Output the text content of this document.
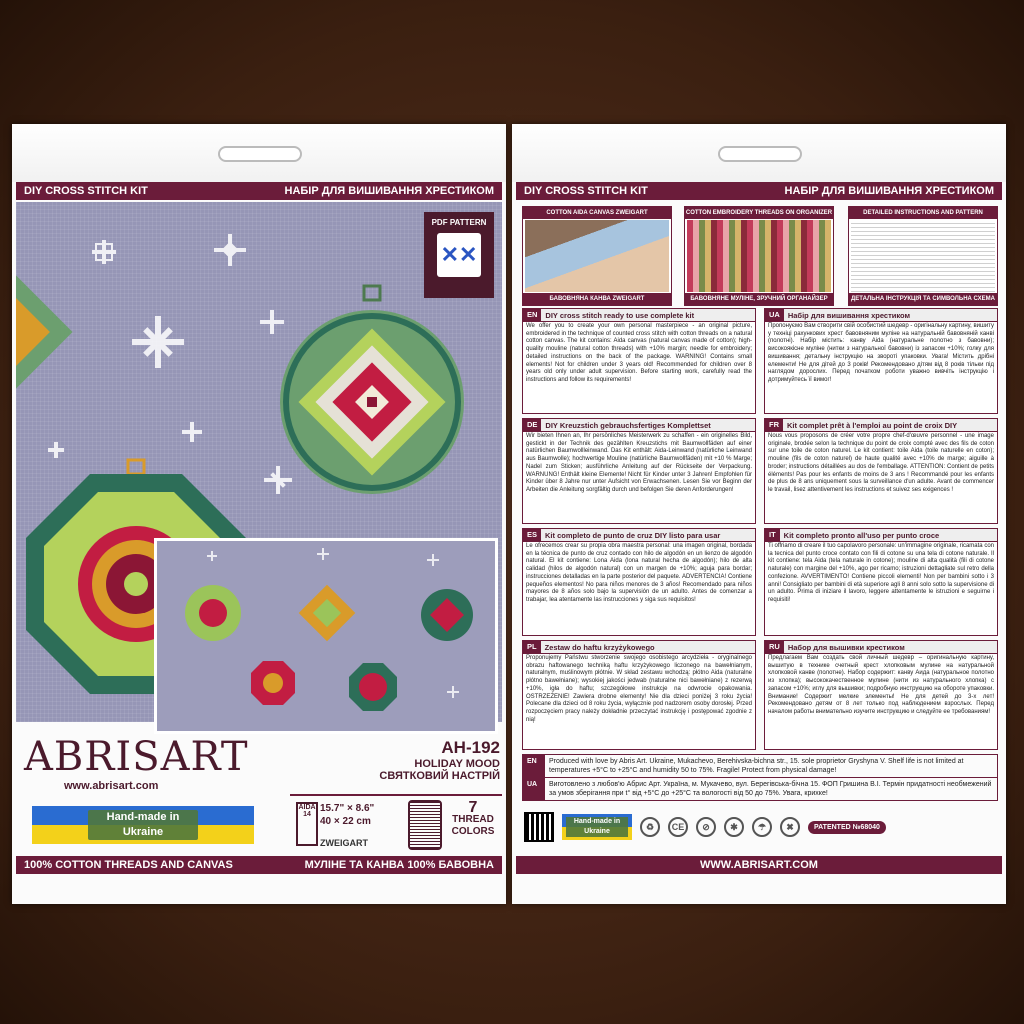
DIY CROSS STITCH KIT	НАБІР ДЛЯ ВИШИВАННЯ ХРЕСТИКОМ
PDF PATTERN
✕✕
ABRISART
www.abrisart.com
Hand-made in Ukraine
AH-192
HOLIDAY MOOD
СВЯТКОВИЙ НАСТРІЙ
AIDA 14
15.7" × 8.6"
40 × 22 cm
ZWEIGART
7
THREAD COLORS
100% COTTON THREADS AND CANVAS	МУЛІНЕ ТА КАНВА 100% БАВОВНА
DIY CROSS STITCH KIT	НАБІР ДЛЯ ВИШИВАННЯ ХРЕСТИКОМ
COTTON AIDA CANVAS ZWEIGART
БАВОВНЯНА КАНВА ZWEIGART
COTTON EMBROIDERY THREADS ON ORGANIZER
БАВОВНЯНЕ МУЛІНЕ, ЗРУЧНИЙ ОРГАНАЙЗЕР
DETAILED INSTRUCTIONS AND PATTERN
ДЕТАЛЬНА ІНСТРУКЦІЯ ТА СИМВОЛЬНА СХЕМА
EN	DIY cross stitch ready to use complete kit
We offer you to create your own personal masterpiece - an original picture, embroidered in the technique of counted cross stitch with cotton threads on a natural cotton canvas. The kit contains: Aida canvas (natural canvas made of cotton); high-quality mouline (natural cotton threads) with +10% margin; needle for embroidery; detailed instructions on the back of the package. WARNING! Contains small elements! Not for children under 3 years old! Recommended for children over 8 years old only under adult supervision. Before starting work, carefully read the instructions and follow its requirements!
UA	Набір для вишивання хрестиком
Пропонуємо Вам створити свій особистий шедевр - оригінальну картину, вишиту у техніці рахункових хрест бавовняним мулiне на натуральній бавовняній канві (полотні). Набір містить: канву Aida (натуральне полотно з бавовни); високоякісне муліне (нитки з натуральної бавовни) із запасом +10%; голку для вишивання; детальну інструкцію на звороті упаковки. Увага! Містить дрібні елементи! Не для дітей до 3 років! Рекомендовано дітям від 8 років тільки під наглядом дорослих. Перед початком роботи уважно вивчіть інструкцію і дотримуйтесь її вимог!
DE	DIY Kreuzstich gebrauchsfertiges Komplettset
Wir bieten Ihnen an, Ihr persönliches Meisterwerk zu schaffen - ein originelles Bild, gestickt in der Technik des gezählten Kreuzstichs mit Baumwollfäden auf einer natürlichen Baumwollleinwand. Das Kit enthält: Aida-Leinwand (natürliche Leinwand aus Baumwolle); hochwertige Mouline (natürliche Baumwollfäden) mit +10 % Marge; Nadel zum Sticken; ausführliche Anleitung auf der Rückseite der Verpackung. WARNUNG! Enthält kleine Elemente! Nicht für Kinder unter 3 Jahren! Empfohlen für Kinder über 8 Jahre nur unter Aufsicht von Erwachsenen. Lesen Sie vor Beginn der Arbeiten die Anleitung sorgfältig durch und befolgen Sie deren Anforderungen!
FR	Kit complet prêt à l'emploi au point de croix DIY
Nous vous proposons de créer votre propre chef-d'œuvre personnel - une image originale, brodée selon la technique du point de croix compté avec des fils de coton sur une toile de coton naturel. Le kit contient: toile Aida (toile naturelle en coton); mouline (fils de coton naturel) de haute qualité avec +10% de marge; aiguille à broder; instructions détaillées au dos de l'emballage. ATTENTION: Contient de petits éléments! Pas pour les enfants de moins de 3 ans ! Recommandé pour les enfants de plus de 8 ans uniquement sous la surveillance d'un adulte. Avant de commencer le travail, lisez attentivement les instructions et suivez ses exigences !
ES	Kit completo de punto de cruz DIY listo para usar
Le ofrecemos crear su propia obra maestra personal: una imagen original, bordada en la técnica de punto de cruz contado con hilo de algodón en un lienzo de algodón natural. El kit contiene: Lona Aida (lona natural hecha de algodón); hilo de alta calidad (hilos de algodón natural) con un margen de +10%; aguja para bordar; instrucciones detalladas en la parte posterior del paquete. ADVERTENCIA! Contiene pequeños elementos! No para niños menores de 3 años! Recomendado para niños mayores de 8 años solo bajo la supervisión de un adulto. Antes de comenzar a trabajar, lea atentamente las instrucciones y siga sus requisitos!
IT	Kit completo pronto all'uso per punto croce
Ti offriamo di creare il tuo capolavoro personale: un'immagine originale, ricamata con la tecnica del punto croce contato con fili di cotone su una tela di cotone naturale. Il kit contiene: tela Aida (tela naturale in cotone); mouline di alta qualità (fili di cotone naturale) con margine del +10%, ago per ricamo; istruzioni dettagliate sul retro della confezione. AVVERTIMENTO! Contiene piccoli elementi! Non per bambini sotto i 3 anni! Consigliato per bambini di età superiore agli 8 anni solo sotto la supervisione di un adulto. Prima di iniziare il lavoro, leggere attentamente le istruzioni e seguirne i requisiti!
PL	Zestaw do haftu krzyżykowego
Proponujemy Państwu stworzenie swojego osobistego arcydzieła - oryginalnego obrazu haftowanego techniką haftu krzyżykowego liczonego na bawełnianym, naturalnym, muślinowym płótnie. W skład zestawu wchodzą: płótno Aida (naturalne płótno bawełniane); wysokiej jakości jedwab (naturalne nici bawełniane) z rezerwą +10%, igła do haftu; szczegółowe instrukcje na odwrocie opakowania. OSTRZEŻENIE! Zawiera drobne elementy! Nie dla dzieci poniżej 3 roku życia! Polecane dla dzieci od 8 roku życia, wyłącznie pod nadzorem osoby dorosłej. Przed rozpoczęciem pracy należy dokładnie przeczytać instrukcję i postępować zgodnie z nią!
RU	Набор для вышивки крестиком
Предлагаем Вам создать свой личный шедевр – оригинальную картину, вышитую в технике счетный крест хлопковым мулине на натуральной хлопковой канве (полотне). Набор содержит: канву Аида (натуральное полотно из хлопка); высококачественное мулине (нити из натурального хлопка) с запасом +10%; иглу для вышивки; подробную инструкцию на обороте упаковки. Внимание! Содержит мелкие элементы! Не для детей до 3-х лет! Рекомендовано детям от 8 лет только под наблюдением взрослых. Перед началом работы внимательно изучите инструкцию и следуйте ее требованиям!
EN	Produced with love by Abris Art. Ukraine, Mukachevo, Berehivska-bichna str., 15. sole proprietor Gryshyna V. Shelf life is not limited at temperatures +5°C to +25°C and humidity 50 to 75%. Fragile! Protect from physical damage!
UA	Виготовлено з любов'ю Абрис Арт. Україна, м. Мукачево, вул. Берегівська-бічна 15. ФОП Гришина В.І. Термін придатності необмежений за умов зберігання при t° від +5°С до +25°С та вологості від 50 до 75%. Увага, крихке!
Hand-made in Ukraine	♻	CE	⊘	✱	☂	✖	PATENTED №68040
WWW.ABRISART.COM
